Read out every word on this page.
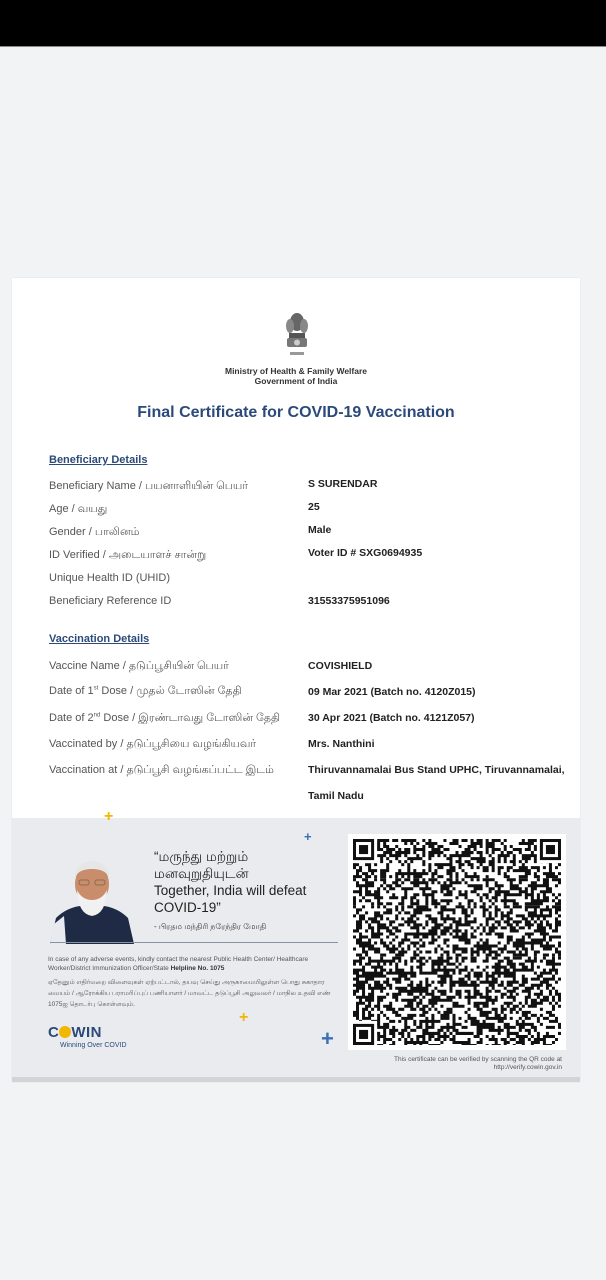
Ministry of Health & Family Welfare
Government of India
Final Certificate for COVID-19 Vaccination
Beneficiary Details
Beneficiary Name / பயனாளியின் பெயர்	S SURENDAR
Age / வயது	25
Gender / பாலினம்	Male
ID Verified / அடையாளச் சான்று	Voter ID # SXG0694935
Unique Health ID (UHID)
Beneficiary Reference ID	31553375951096
Vaccination Details
Vaccine Name / தடுப்பூசியின் பெயர்	COVISHIELD
Date of 1st Dose / முதல் டோஸின் தேதி	09 Mar 2021 (Batch no. 4120Z015)
Date of 2nd Dose / இரண்டாவது டோஸின் தேதி	30 Apr 2021 (Batch no. 4121Z057)
Vaccinated by / தடுப்பூசியை வழங்கியவர்	Mrs. Nanthini
Vaccination at / தடுப்பூசி வழங்கப்பட்ட இடம்	Thiruvannamalai Bus Stand UPHC, Tiruvannamalai,
Tamil Nadu
+
+
+
+
“மருந்து மற்றும்
மனவுறுதியுடன்
Together, India will defeat COVID-19”
- பிரதம மந்திரி நரேந்திர மோதி
In case of any adverse events, kindly contact the nearest Public Health Center/ Healthcare Worker/District Immunization Officer/State Helpline No. 1075
ஏதேனும் எதிர்மறை விளைவுகள் ஏற்பட்டால், தயவு செய்து அருகாமையிலுள்ள பொது சுகாதார மையம் / ஆரோக்கிய பராமரிப்புப் பணியாளர் / மாவட்ட தடுப்பூசி அலுவலர் / மாநில உதவி எண் 1075ஐ தொடர்பு கொள்ளவும்.
C WIN
Winning Over COVID
This certificate can be verified by scanning the QR code at
http://verify.cowin.gov.in
